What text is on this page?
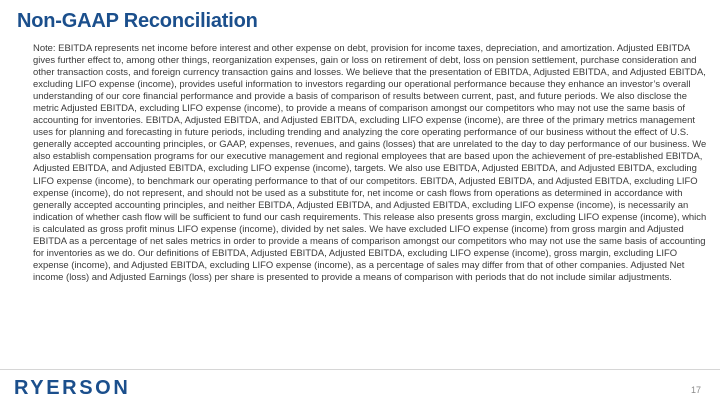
Non-GAAP Reconciliation

Note: EBITDA represents net income before interest and other expense on debt, provision for income taxes, depreciation, and amortization. Adjusted EBITDA gives further effect to, among other things, reorganization expenses, gain or loss on retirement of debt, loss on pension settlement, purchase consideration and other transaction costs, and foreign currency transaction gains and losses. We believe that the presentation of EBITDA, Adjusted EBITDA, and Adjusted EBITDA, excluding LIFO expense (income), provides useful information to investors regarding our operational performance because they enhance an investor’s overall understanding of our core financial performance and provide a basis of comparison of results between current, past, and future periods. We also disclose the metric Adjusted EBITDA, excluding LIFO expense (income), to provide a means of comparison amongst our competitors who may not use the same basis of accounting for inventories. EBITDA, Adjusted EBITDA, and Adjusted EBITDA, excluding LIFO expense (income), are three of the primary metrics management uses for planning and forecasting in future periods, including trending and analyzing the core operating performance of our business without the effect of U.S. generally accepted accounting principles, or GAAP, expenses, revenues, and gains (losses) that are unrelated to the day to day performance of our business. We also establish compensation programs for our executive management and regional employees that are based upon the achievement of pre-established EBITDA, Adjusted EBITDA, and Adjusted EBITDA, excluding LIFO expense (income), targets. We also use EBITDA, Adjusted EBITDA, and Adjusted EBITDA, excluding LIFO expense (income), to benchmark our operating performance to that of our competitors. EBITDA, Adjusted EBITDA, and Adjusted EBITDA, excluding LIFO expense (income), do not represent, and should not be used as a substitute for, net income or cash flows from operations as determined in accordance with generally accepted accounting principles, and neither EBITDA, Adjusted EBITDA, and Adjusted EBITDA, excluding LIFO expense (income), is necessarily an indication of whether cash flow will be sufficient to fund our cash requirements. This release also presents gross margin, excluding LIFO expense (income), which is calculated as gross profit minus LIFO expense (income), divided by net sales. We have excluded LIFO expense (income) from gross margin and Adjusted EBITDA as a percentage of net sales metrics in order to provide a means of comparison amongst our competitors who may not use the same basis of accounting for inventories as we do. Our definitions of EBITDA, Adjusted EBITDA, Adjusted EBITDA, excluding LIFO expense (income), gross margin, excluding LIFO expense (income), and Adjusted EBITDA, excluding LIFO expense (income), as a percentage of sales may differ from that of other companies. Adjusted Net income (loss) and Adjusted Earnings (loss) per share is presented to provide a means of comparison with periods that do not include similar adjustments.

RYERSON	17
